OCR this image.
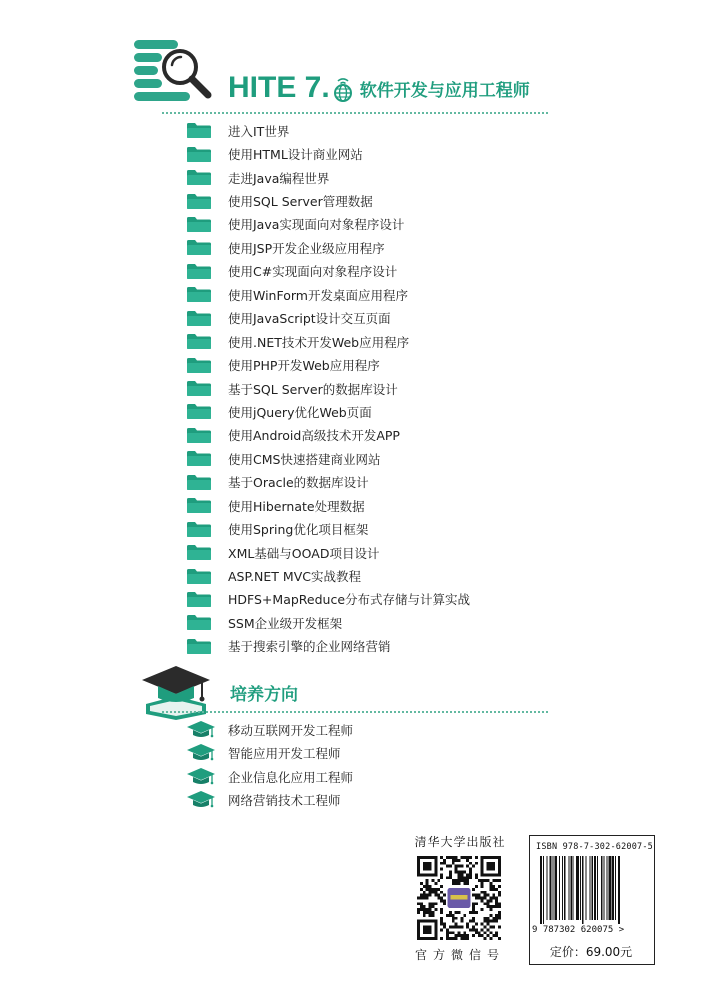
HITE 7. 软件开发与应用工程师
进入IT世界
使用HTML设计商业网站
走进Java编程世界
使用SQL Server管理数据
使用Java实现面向对象程序设计
使用JSP开发企业级应用程序
使用C#实现面向对象程序设计
使用WinForm开发桌面应用程序
使用JavaScript设计交互页面
使用.NET技术开发Web应用程序
使用PHP开发Web应用程序
基于SQL Server的数据库设计
使用jQuery优化Web页面
使用Android高级技术开发APP
使用CMS快速搭建商业网站
基于Oracle的数据库设计
使用Hibernate处理数据
使用Spring优化项目框架
XML基础与OOAD项目设计
ASP.NET MVC实战教程
HDFS+MapReduce分布式存储与计算实战
SSM企业级开发框架
基于搜索引擎的企业网络营销
培养方向
移动互联网开发工程师
智能应用开发工程师
企业信息化应用工程师
网络营销技术工程师
清华大学出版社
官方微信号
ISBN 978-7-302-62007-5
9 787302 620075 >
定价：69.00元
